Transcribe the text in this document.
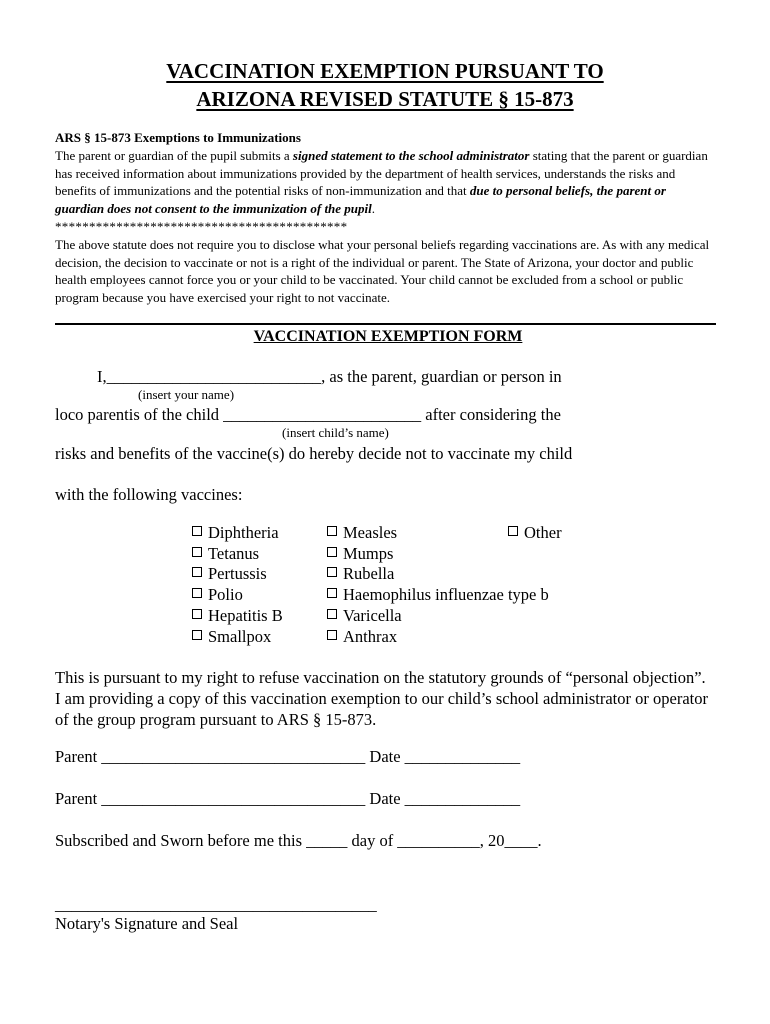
VACCINATION EXEMPTION PURSUANT TO
ARIZONA REVISED STATUTE § 15-873
ARS § 15-873 Exemptions to Immunizations
The parent or guardian of the pupil submits a signed statement to the school administrator stating that the parent or guardian has received information about immunizations provided by the department of health services, understands the risks and benefits of immunizations and the potential risks of non-immunization and that due to personal beliefs, the parent or guardian does not consent to the immunization of the pupil.
*******************************************
The above statute does not require you to disclose what your personal beliefs regarding vaccinations are. As with any medical decision, the decision to vaccinate or not is a right of the individual or parent. The State of Arizona, your doctor and public health employees cannot force you or your child to be vaccinated. Your child cannot be excluded from a school or public program because you have exercised your right to not vaccinate.
VACCINATION EXEMPTION FORM
I,__________________________, as the parent, guardian or person in
(insert your name)
loco parentis of the child ________________________ after considering the
(insert child’s name)
risks and benefits of the vaccine(s) do hereby decide not to vaccinate my child
with the following vaccines:
Diphtheria
Tetanus
Pertussis
Polio
Hepatitis B
Smallpox
Measles
Mumps
Rubella
Haemophilus influenzae type b
Varicella
Anthrax
Other
This is pursuant to my right to refuse vaccination on the statutory grounds of “personal objection”. I am providing a copy of this vaccination exemption to our child’s school administrator or operator of the group program pursuant to ARS § 15-873.
Parent ________________________________ Date ______________
Parent ________________________________ Date ______________
Subscribed and Sworn before me this _____ day of __________, 20____.
_______________________________________
Notary's Signature and Seal
